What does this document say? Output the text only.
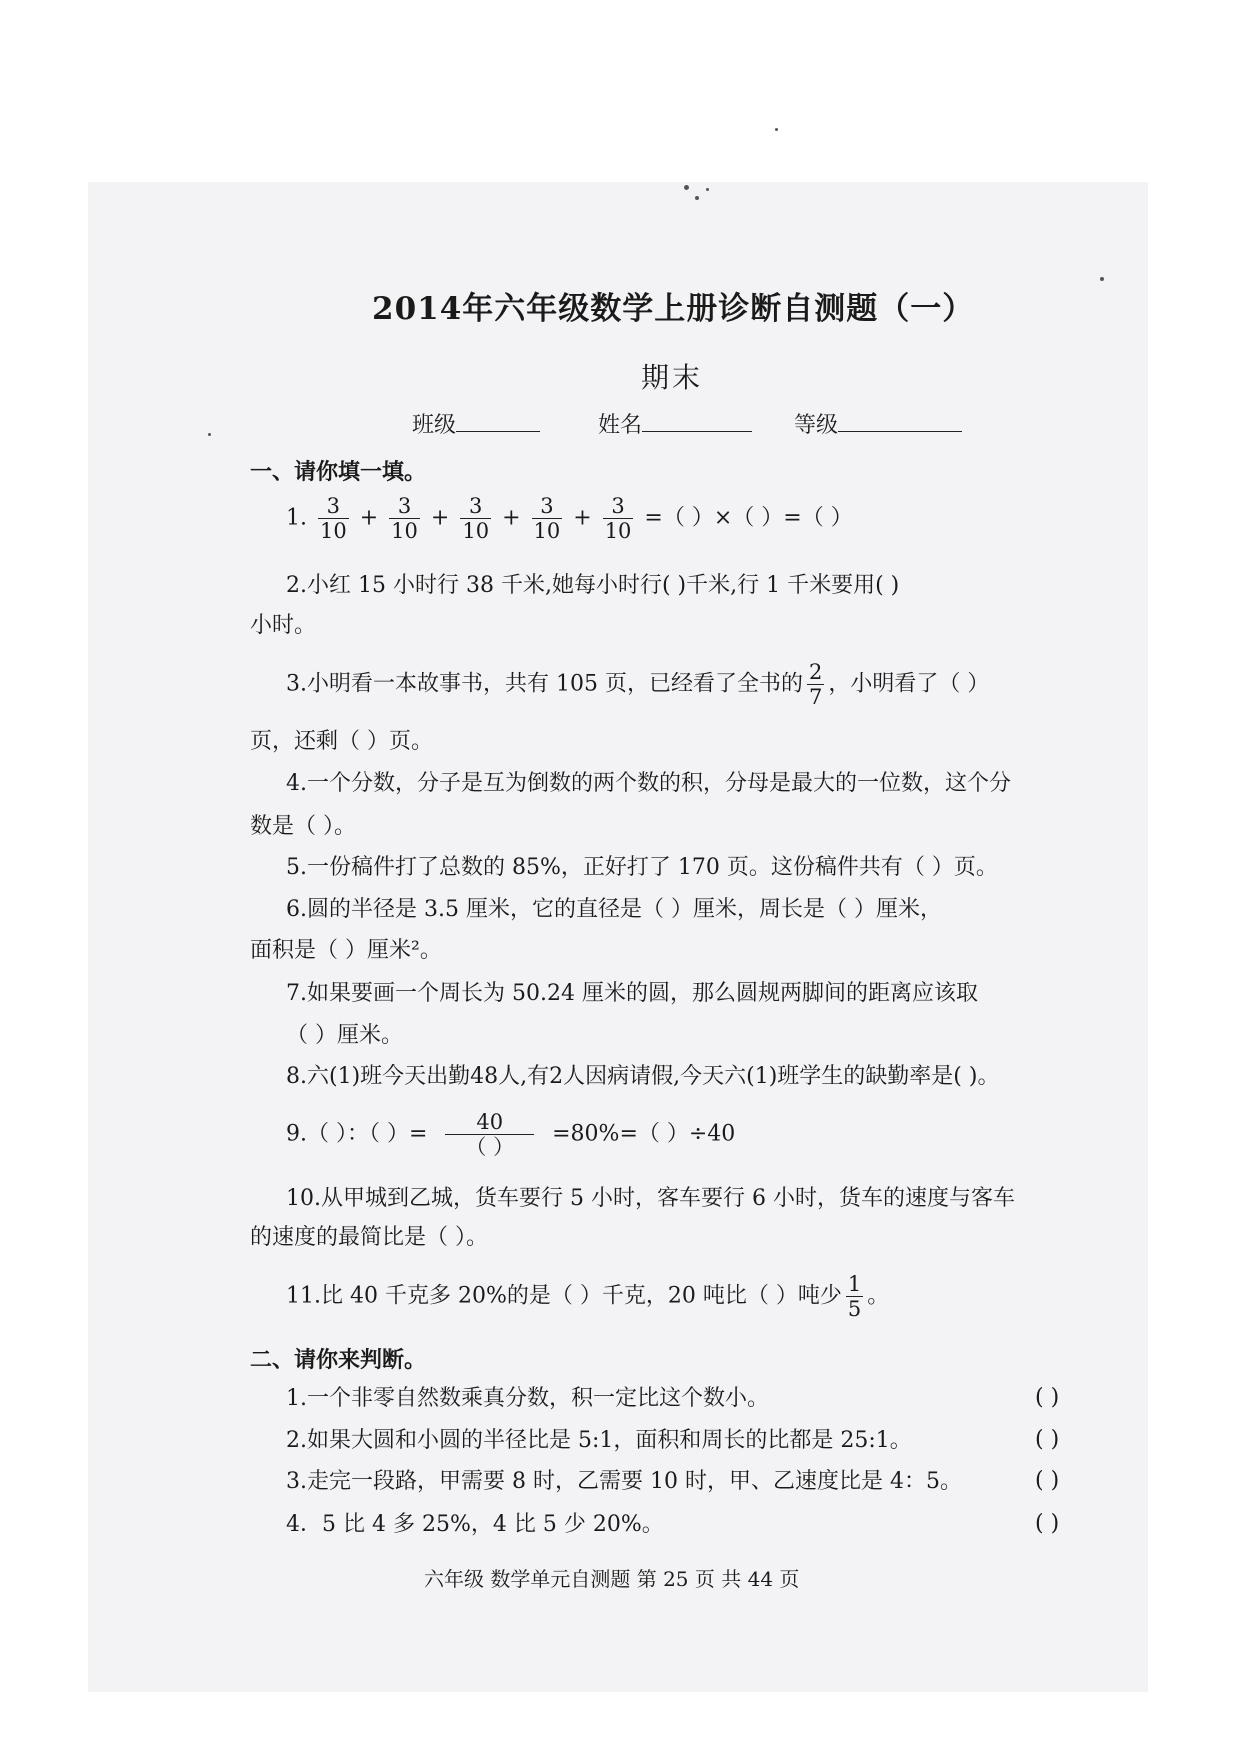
2014年六年级数学上册诊断自测题（一）
期末
班级	姓名	等级
一、请你填一填。
1. $\frac{3}{10} + \frac{3}{10} + \frac{3}{10} + \frac{3}{10} + \frac{3}{10}$ =（ ）×（ ）=（ ）
2.小红 15 小时行 38 千米,她每小时行( )千米,行 1 千米要用( )
小时。
3.小明看一本故事书，共有 105 页，已经看了全书的 $\frac{2}{7}$ ，小明看了（ ）
页，还剩（ ）页。
4.一个分数，分子是互为倒数的两个数的积，分母是最大的一位数，这个分
数是（ ）。
5.一份稿件打了总数的 85%，正好打了 170 页。这份稿件共有（ ）页。
6.圆的半径是 3.5 厘米，它的直径是（ ）厘米，周长是（ ）厘米，
面积是（ ）厘米²。
7.如果要画一个周长为 50.24 厘米的圆，那么圆规两脚间的距离应该取
（ ）厘米。
8.六(1)班今天出勤48人,有2人因病请假,今天六(1)班学生的缺勤率是( )。
9.（ ）：（ ）= $\frac{40}{( )} =80\%=$（ ）÷40
10.从甲城到乙城，货车要行 5 小时，客车要行 6 小时，货车的速度与客车
的速度的最简比是（ ）。
11.比 40 千克多 20%的是（ ）千克，20 吨比（ ）吨少 $\frac{1}{5}$ 。
二、请你来判断。
1.一个非零自然数乘真分数，积一定比这个数小。	( )
2.如果大圆和小圆的半径比是 5:1，面积和周长的比都是 25:1。	( )
3.走完一段路，甲需要 8 时，乙需要 10 时，甲、乙速度比是 4：5。	( )
4．5 比 4 多 25%，4 比 5 少 20%。	( )
六年级 数学单元自测题 第 25 页 共 44 页
